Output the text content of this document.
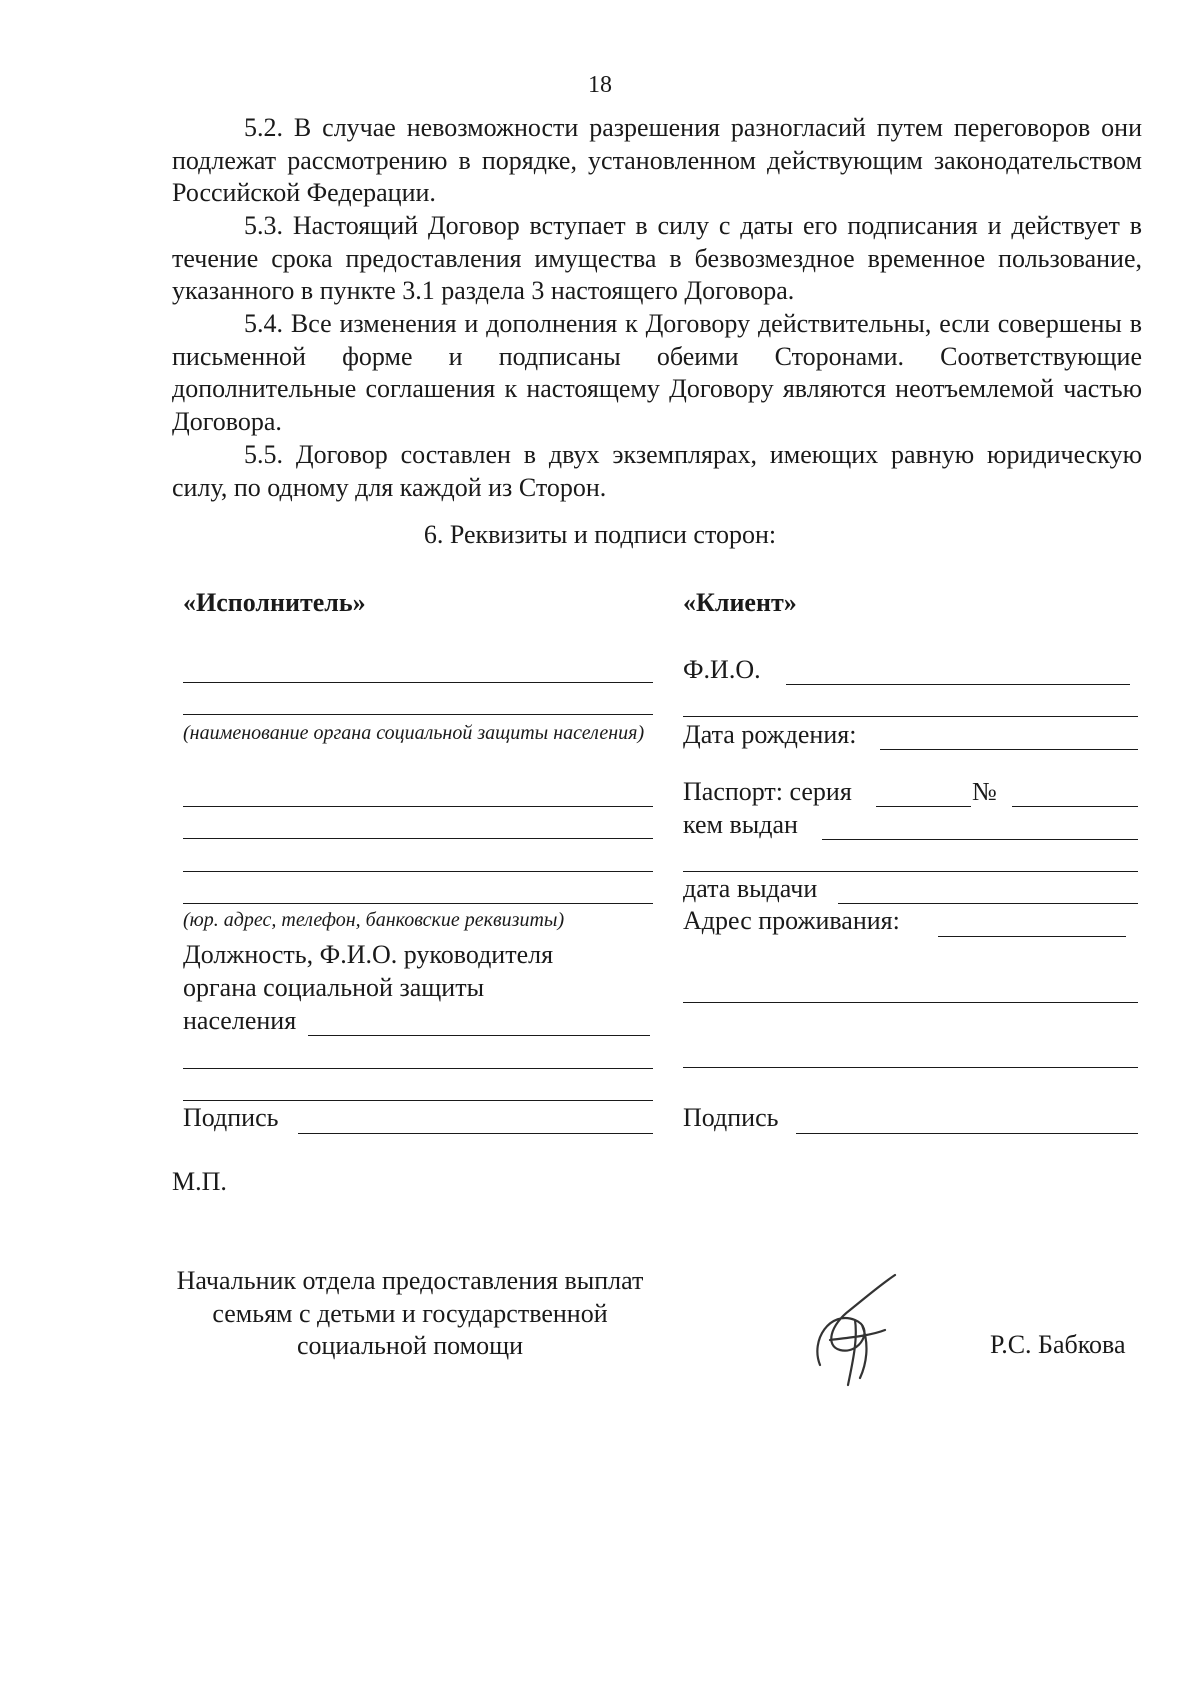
18

5.2. В случае невозможности разрешения разногласий путем переговоров они подлежат рассмотрению в порядке, установленном действующим законодательством Российской Федерации.

5.3. Настоящий Договор вступает в силу с даты его подписания и действует в течение срока предоставления имущества в безвозмездное временное пользование, указанного в пункте 3.1 раздела 3 настоящего Договора.

5.4. Все изменения и дополнения к Договору действительны, если совершены в письменной форме и подписаны обеими Сторонами. Соответствующие дополнительные соглашения к настоящему Договору являются неотъемлемой частью Договора.

5.5. Договор составлен в двух экземплярах, имеющих равную юридическую силу, по одному для каждой из Сторон.

6. Реквизиты и подписи сторон:
«Исполнитель»
(наименование органа социальной защиты населения)
(юр. адрес, телефон, банковские реквизиты)
Должность, Ф.И.О. руководителя
органа социальной защиты
населения
Подпись
М.П.
«Клиент»
Ф.И.О.
Дата рождения:
Паспорт: серия	№
кем выдан
дата выдачи
Адрес проживания:
Подпись
Начальник отдела предоставления выплат семьям с детьми и государственной социальной помощи	Р.С. Бабкова
